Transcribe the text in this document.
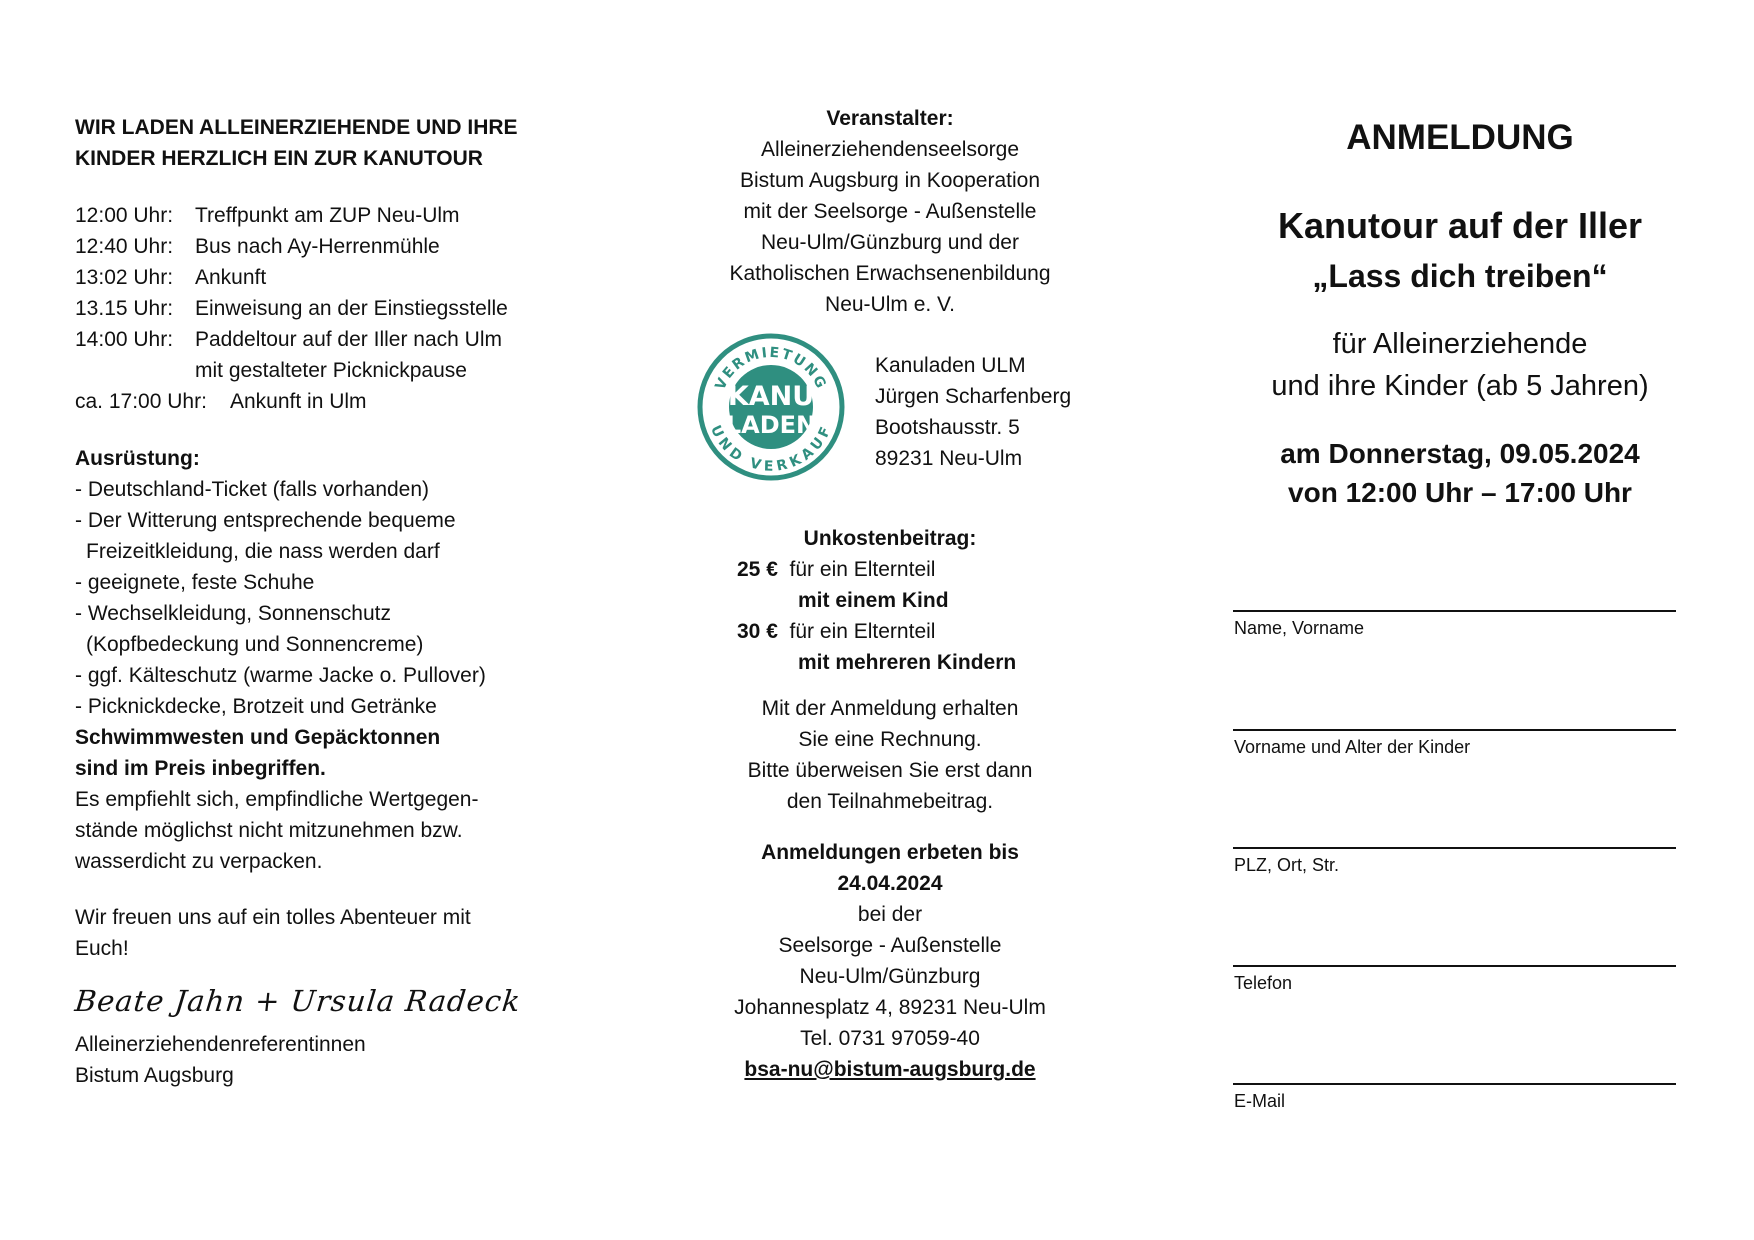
WIR LADEN ALLEINERZIEHENDE UND IHRE
KINDER HERZLICH EIN ZUR KANUTOUR
12:00 Uhr: Treffpunkt am ZUP Neu-Ulm
12:40 Uhr: Bus nach Ay-Herrenmühle
13:02 Uhr: Ankunft
13.15 Uhr: Einweisung an der Einstiegsstelle
14:00 Uhr: Paddeltour auf der Iller nach Ulm
mit gestalteter Picknickpause
ca. 17:00 Uhr: Ankunft in Ulm
Ausrüstung:
- Deutschland-Ticket (falls vorhanden)
- Der Witterung entsprechende bequeme
Freizeitkleidung, die nass werden darf
- geeignete, feste Schuhe
- Wechselkleidung, Sonnenschutz
(Kopfbedeckung und Sonnencreme)
- ggf. Kälteschutz (warme Jacke o. Pullover)
- Picknickdecke, Brotzeit und Getränke
Schwimmwesten und Gepäcktonnen
sind im Preis inbegriffen.
Es empfiehlt sich, empfindliche Wertgegen-
stände möglichst nicht mitzunehmen bzw.
wasserdicht zu verpacken.
Wir freuen uns auf ein tolles Abenteuer mit
Euch!
Beate Jahn + Ursula Radeck
Alleinerziehendenreferentinnen
Bistum Augsburg
Veranstalter:
Alleinerziehendenseelsorge
Bistum Augsburg in Kooperation
mit der Seelsorge - Außenstelle
Neu-Ulm/Günzburg und der
Katholischen Erwachsenenbildung
Neu-Ulm e. V.
Unkostenbeitrag:
25 € für ein Elternteil
mit einem Kind
30 € für ein Elternteil
mit mehreren Kindern
Mit der Anmeldung erhalten
Sie eine Rechnung.
Bitte überweisen Sie erst dann
den Teilnahmebeitrag.
Anmeldungen erbeten bis
24.04.2024
bei der
Seelsorge - Außenstelle
Neu-Ulm/Günzburg
Johannesplatz 4, 89231 Neu-Ulm
Tel. 0731 97059-40
bsa-nu@bistum-augsburg.de
VERMIETUNG
UND VERKAUF
KANU
LADEN
Kanuladen ULM
Jürgen Scharfenberg
Bootshausstr. 5
89231 Neu-Ulm
ANMELDUNG
Kanutour auf der Iller
„Lass dich treiben“
für Alleinerziehende
und ihre Kinder (ab 5 Jahren)
am Donnerstag, 09.05.2024
von 12:00 Uhr – 17:00 Uhr
Name, Vorname
Vorname und Alter der Kinder
PLZ, Ort, Str.
Telefon
E-Mail
